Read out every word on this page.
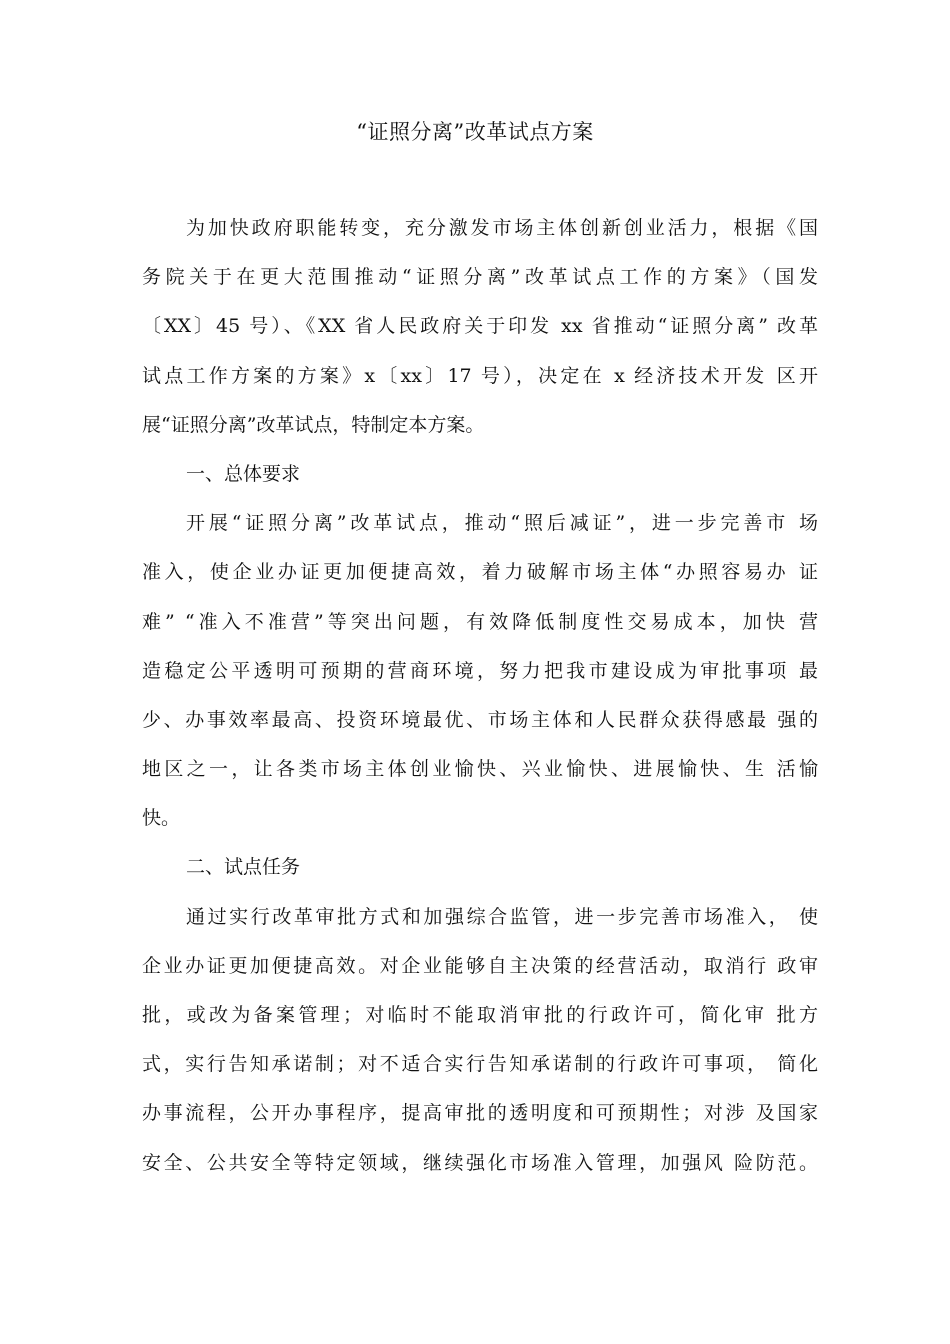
“证照分离”改革试点方案
为加快政府职能转变，充分激发市场主体创新创业活力，根据《国
务院关于在更大范围推动“证照分离”改革试点工作的方案》（国发
〔XX〕45 号）、《XX 省人民政府关于印发 xx 省推动“证照分离” 改革
试点工作方案的方案》x〔xx〕17 号），决定在 x 经济技术开发 区开
展“证照分离”改革试点，特制定本方案。
一、总体要求
开展“证照分离”改革试点，推动“照后减证”，进一步完善市 场
准入，使企业办证更加便捷高效，着力破解市场主体“办照容易办 证
难” “准入不准营”等突出问题，有效降低制度性交易成本，加快 营
造稳定公平透明可预期的营商环境，努力把我市建设成为审批事项 最
少、办事效率最高、投资环境最优、市场主体和人民群众获得感最 强的
地区之一，让各类市场主体创业愉快、兴业愉快、进展愉快、生 活愉
快。
二、试点任务
通过实行改革审批方式和加强综合监管，进一步完善市场准入， 使
企业办证更加便捷高效。对企业能够自主决策的经营活动，取消行 政审
批，或改为备案管理；对临时不能取消审批的行政许可，简化审 批方
式，实行告知承诺制；对不适合实行告知承诺制的行政许可事项， 简化
办事流程，公开办事程序，提高审批的透明度和可预期性；对涉 及国家
安全、公共安全等特定领域，继续强化市场准入管理，加强风 险防范。
